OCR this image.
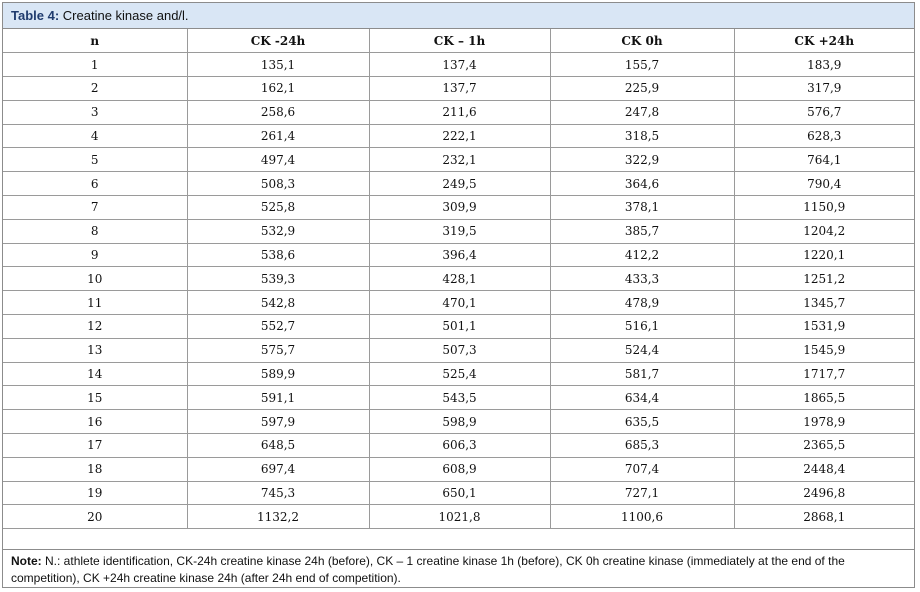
Table 4: Creatine kinase and/l.
n	CK -24h	CK – 1h	CK 0h	CK +24h
1	135,1	137,4	155,7	183,9
2	162,1	137,7	225,9	317,9
3	258,6	211,6	247,8	576,7
4	261,4	222,1	318,5	628,3
5	497,4	232,1	322,9	764,1
6	508,3	249,5	364,6	790,4
7	525,8	309,9	378,1	1150,9
8	532,9	319,5	385,7	1204,2
9	538,6	396,4	412,2	1220,1
10	539,3	428,1	433,3	1251,2
11	542,8	470,1	478,9	1345,7
12	552,7	501,1	516,1	1531,9
13	575,7	507,3	524,4	1545,9
14	589,9	525,4	581,7	1717,7
15	591,1	543,5	634,4	1865,5
16	597,9	598,9	635,5	1978,9
17	648,5	606,3	685,3	2365,5
18	697,4	608,9	707,4	2448,4
19	745,3	650,1	727,1	2496,8
20	1132,2	1021,8	1100,6	2868,1
Note: N.: athlete identification, CK-24h creatine kinase 24h (before), CK – 1 creatine kinase 1h (before), CK 0h creatine kinase (immediately at the end of the competition), CK +24h creatine kinase 24h (after 24h end of competition).
